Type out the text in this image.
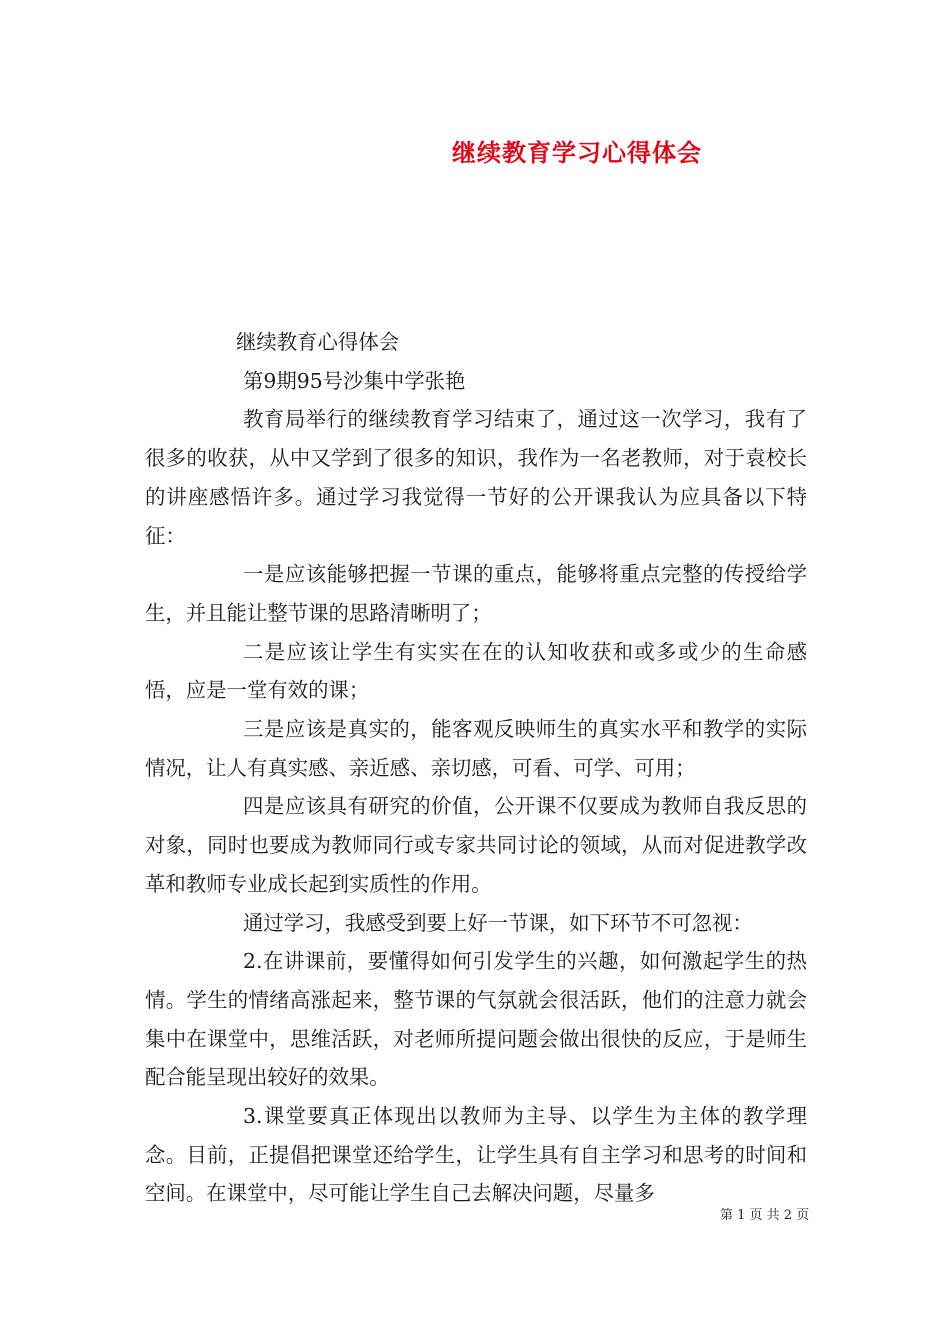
继续教育学习心得体会

继续教育心得体会

第9期95号沙集中学张艳

教育局举行的继续教育学习结束了，通过这一次学习，我有了很多的收获，从中又学到了很多的知识，我作为一名老教师，对于袁校长的讲座感悟许多。通过学习我觉得一节好的公开课我认为应具备以下特征：

一是应该能够把握一节课的重点，能够将重点完整的传授给学生，并且能让整节课的思路清晰明了；

二是应该让学生有实实在在的认知收获和或多或少的生命感悟，应是一堂有效的课；

三是应该是真实的，能客观反映师生的真实水平和教学的实际情况，让人有真实感、亲近感、亲切感，可看、可学、可用；

四是应该具有研究的价值，公开课不仅要成为教师自我反思的对象，同时也要成为教师同行或专家共同讨论的领域，从而对促进教学改革和教师专业成长起到实质性的作用。

通过学习，我感受到要上好一节课，如下环节不可忽视：

2.在讲课前，要懂得如何引发学生的兴趣，如何激起学生的热情。学生的情绪高涨起来，整节课的气氛就会很活跃，他们的注意力就会集中在课堂中，思维活跃，对老师所提问题会做出很快的反应，于是师生配合能呈现出较好的效果。

3.课堂要真正体现出以教师为主导、以学生为主体的教学理念。目前，正提倡把课堂还给学生，让学生具有自主学习和思考的时间和空间。在课堂中，尽可能让学生自己去解决问题，尽量多

第 1 页 共 2 页
